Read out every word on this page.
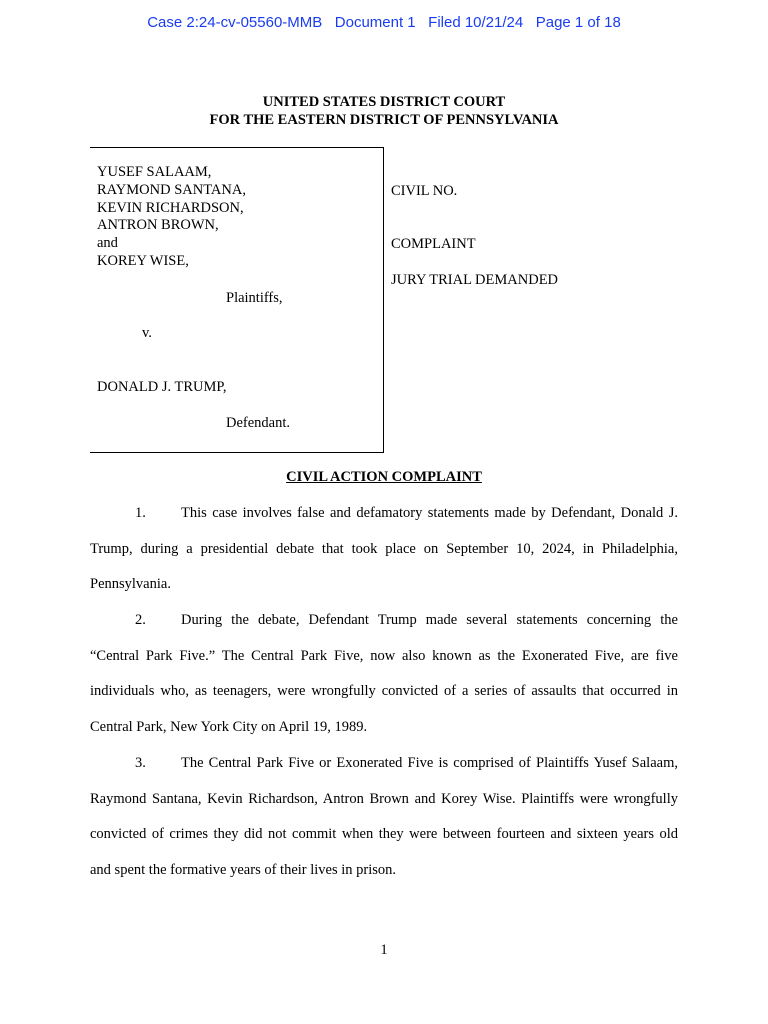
Case 2:24-cv-05560-MMB   Document 1   Filed 10/21/24   Page 1 of 18
UNITED STATES DISTRICT COURT
FOR THE EASTERN DISTRICT OF PENNSYLVANIA
YUSEF SALAAM,
RAYMOND SANTANA,
KEVIN RICHARDSON,
ANTRON BROWN,
and
KOREY WISE,
Plaintiffs,
v.
DONALD J. TRUMP,
Defendant.
CIVIL NO.
COMPLAINT
JURY TRIAL DEMANDED
CIVIL ACTION COMPLAINT
1. This case involves false and defamatory statements made by Defendant, Donald J.
Trump, during a presidential debate that took place on September 10, 2024, in Philadelphia,
Pennsylvania.
2. During the debate, Defendant Trump made several statements concerning the
“Central Park Five.” The Central Park Five, now also known as the Exonerated Five, are five
individuals who, as teenagers, were wrongfully convicted of a series of assaults that occurred in
Central Park, New York City on April 19, 1989.
3. The Central Park Five or Exonerated Five is comprised of Plaintiffs Yusef Salaam,
Raymond Santana, Kevin Richardson, Antron Brown and Korey Wise. Plaintiffs were wrongfully
convicted of crimes they did not commit when they were between fourteen and sixteen years old
and spent the formative years of their lives in prison.
1
